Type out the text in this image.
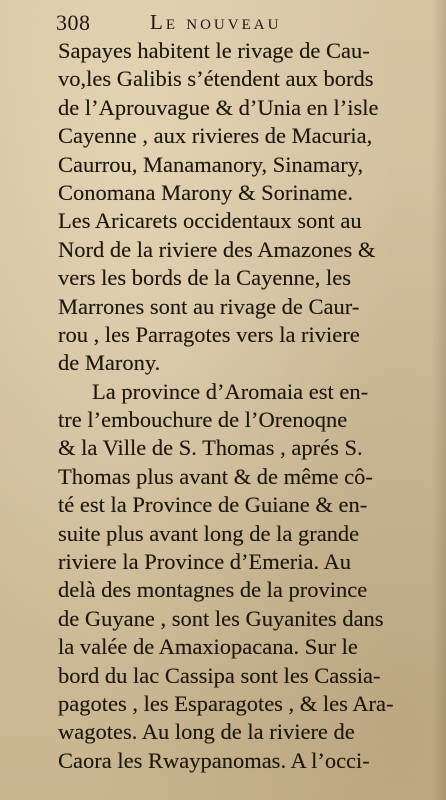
308	Le nouveau
Sapayes habitent le rivage de Cau-
vo,les Galibis s’étendent aux bords
de l’Aprouvague & d’Unia en l’isle
Cayenne , aux rivieres de Macuria,
Caurrou, Manamanory, Sinamary,
Conomana Marony & Soriname.
Les Aricarets occidentaux sont au
Nord de la riviere des Amazones &
vers les bords de la Cayenne, les
Marrones sont au rivage de Caur-
rou , les Parragotes vers la riviere
de Marony.
La province d’Aromaia est en-
tre l’embouchure de l’Orenoqne
& la Ville de S. Thomas , aprés S.
Thomas plus avant & de même cô-
té est la Province de Guiane & en-
suite plus avant long de la grande
riviere la Province d’Emeria. Au
delà des montagnes de la province
de Guyane , sont les Guyanites dans
la valée de Amaxiopacana. Sur le
bord du lac Cassipa sont les Cassia-
pagotes , les Esparagotes , & les Ara-
wagotes. Au long de la riviere de
Caora les Rwaypanomas. A l’occi-
